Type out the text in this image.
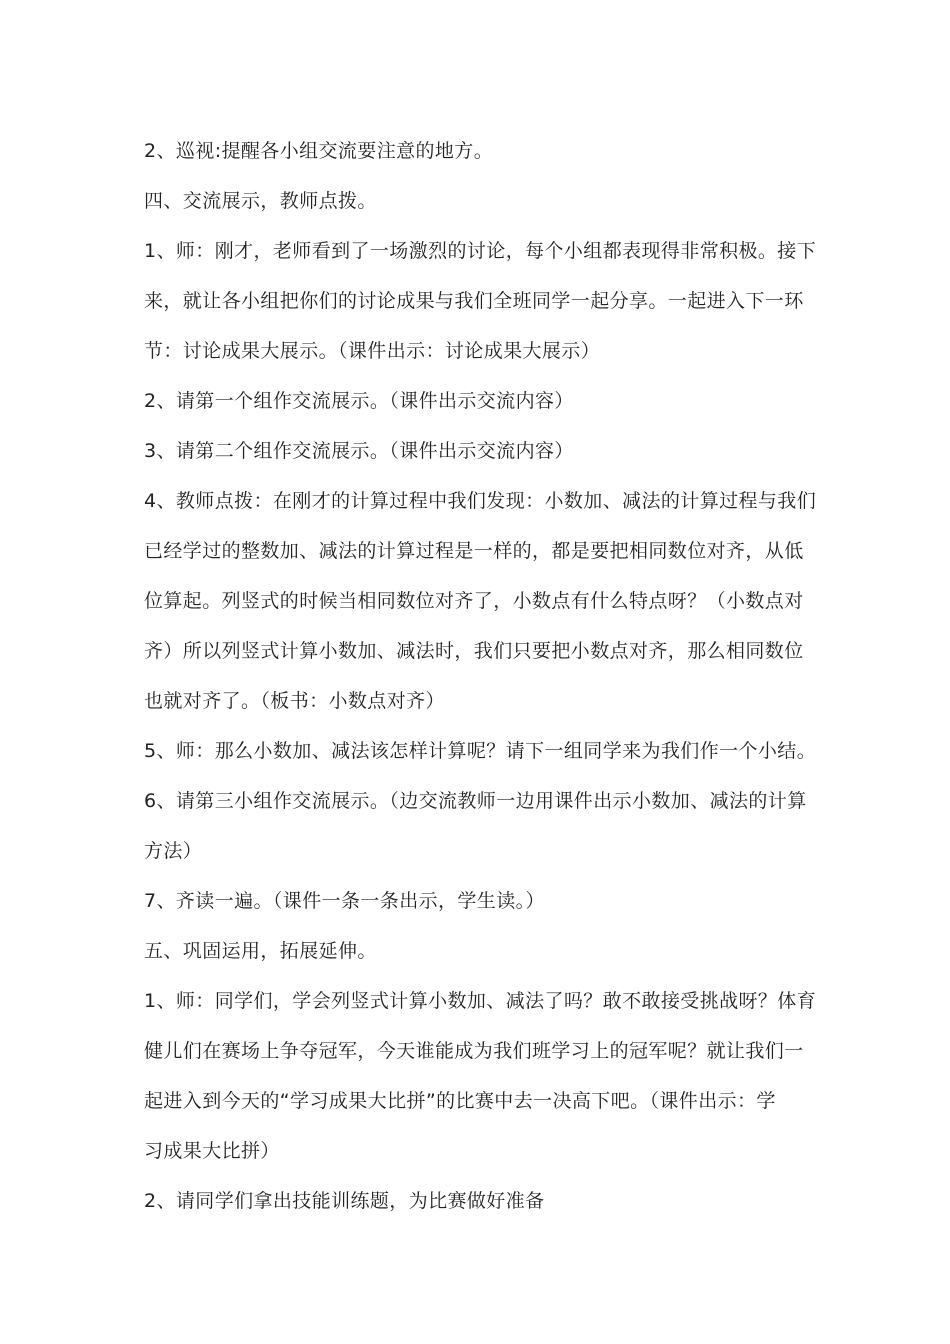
2、巡视:提醒各小组交流要注意的地方。
四、交流展示，教师点拨。
1、师：刚才，老师看到了一场激烈的讨论，每个小组都表现得非常积极。接下
来，就让各小组把你们的讨论成果与我们全班同学一起分享。一起进入下一环
节：讨论成果大展示。（课件出示：讨论成果大展示）
2、请第一个组作交流展示。（课件出示交流内容）
3、请第二个组作交流展示。（课件出示交流内容）
4、教师点拨：在刚才的计算过程中我们发现：小数加、减法的计算过程与我们
已经学过的整数加、减法的计算过程是一样的，都是要把相同数位对齐，从低
位算起。列竖式的时候当相同数位对齐了，小数点有什么特点呀？（小数点对
齐）所以列竖式计算小数加、减法时，我们只要把小数点对齐，那么相同数位
也就对齐了。（板书：小数点对齐）
5、师：那么小数加、减法该怎样计算呢？请下一组同学来为我们作一个小结。
6、请第三小组作交流展示。（边交流教师一边用课件出示小数加、减法的计算
方法）
7、齐读一遍。（课件一条一条出示，学生读。）
五、巩固运用，拓展延伸。
1、师：同学们，学会列竖式计算小数加、减法了吗？敢不敢接受挑战呀？体育
健儿们在赛场上争夺冠军，今天谁能成为我们班学习上的冠军呢？就让我们一
起进入到今天的“学习成果大比拼”的比赛中去一决高下吧。（课件出示：学
习成果大比拼）
2、请同学们拿出技能训练题，为比赛做好准备
